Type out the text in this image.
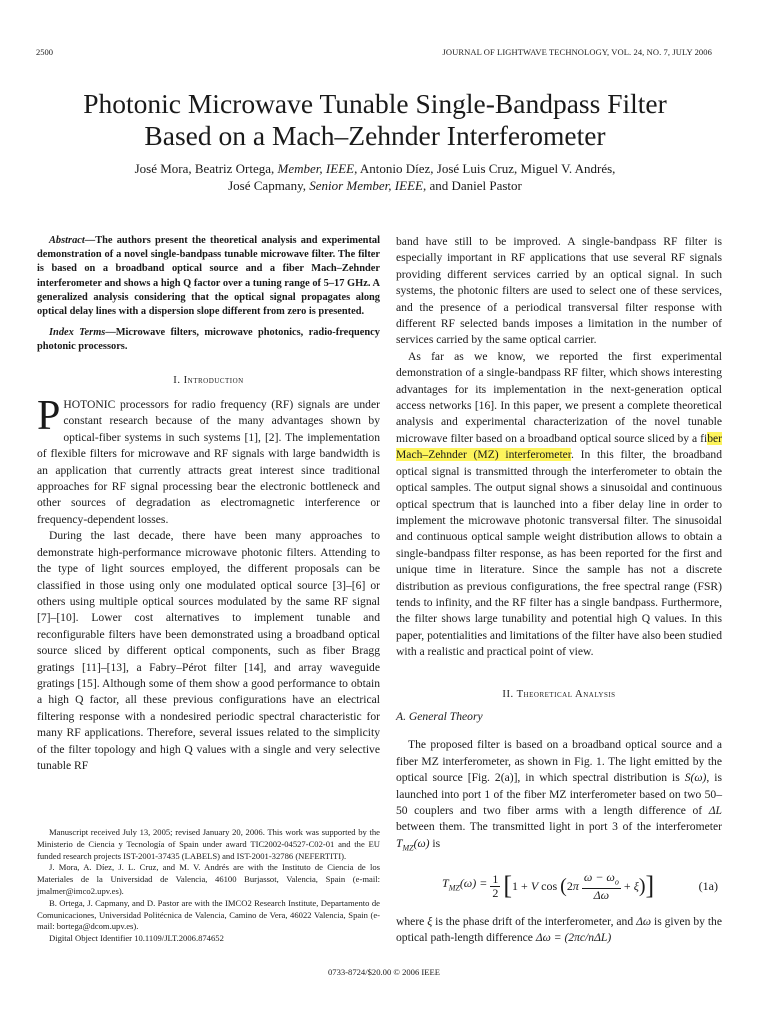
2500	JOURNAL OF LIGHTWAVE TECHNOLOGY, VOL. 24, NO. 7, JULY 2006
Photonic Microwave Tunable Single-Bandpass Filter
Based on a Mach–Zehnder Interferometer
José Mora, Beatriz Ortega, Member, IEEE, Antonio Díez, José Luis Cruz, Miguel V. Andrés,
José Capmany, Senior Member, IEEE, and Daniel Pastor

Abstract—The authors present the theoretical analysis and experimental demonstration of a novel single-bandpass tunable microwave filter. The filter is based on a broadband optical source and a fiber Mach–Zehnder interferometer and shows a high Q factor over a tuning range of 5–17 GHz. A generalized analysis considering that the optical signal propagates along optical delay lines with a dispersion slope different from zero is presented.

Index Terms—Microwave filters, microwave photonics, radio-frequency photonic processors.

I. Introduction

PHOTONIC processors for radio frequency (RF) signals are under constant research because of the many advantages shown by optical-fiber systems in such systems [1], [2]. The implementation of flexible filters for microwave and RF signals with large bandwidth is an application that currently attracts great interest since traditional approaches for RF signal processing bear the electronic bottleneck and other sources of degradation as electromagnetic interference or frequency-dependent losses.

During the last decade, there have been many approaches to demonstrate high-performance microwave photonic filters. Attending to the type of light sources employed, the different proposals can be classified in those using only one modulated optical source [3]–[6] or others using multiple optical sources modulated by the same RF signal [7]–[10]. Lower cost alternatives to implement tunable and reconfigurable filters have been demonstrated using a broadband optical source sliced by different optical components, such as fiber Bragg gratings [11]–[13], a Fabry–Pérot filter [14], and array waveguide gratings [15]. Although some of them show a good performance to obtain a high Q factor, all these previous configurations have an electrical filtering response with a nondesired periodic spectral characteristic for many RF applications. Therefore, several issues related to the simplicity of the filter topology and high Q values with a single and very selective tunable RF

Manuscript received July 13, 2005; revised January 20, 2006. This work was supported by the Ministerio de Ciencia y Tecnología of Spain under award TIC2002-04527-C02-01 and the EU funded research projects IST-2001-37435 (LABELS) and IST-2001-32786 (NEFERTITI).

J. Mora, A. Díez, J. L. Cruz, and M. V. Andrés are with the Instituto de Ciencia de los Materiales de la Universidad de Valencia, 46100 Burjassot, Valencia, Spain (e-mail: jmalmer@imco2.upv.es).

B. Ortega, J. Capmany, and D. Pastor are with the IMCO2 Research Institute, Departamento de Comunicaciones, Universidad Politécnica de Valencia, Camino de Vera, 46022 Valencia, Spain (e-mail: bortega@dcom.upv.es).

Digital Object Identifier 10.1109/JLT.2006.874652

band have still to be improved. A single-bandpass RF filter is especially important in RF applications that use several RF signals providing different services carried by an optical signal. In such systems, the photonic filters are used to select one of these services, and the presence of a periodical transversal filter response with different RF selected bands imposes a limitation in the number of services carried by the same optical carrier.

As far as we know, we reported the first experimental demonstration of a single-bandpass RF filter, which shows interesting advantages for its implementation in the next-generation optical access networks [16]. In this paper, we present a complete theoretical analysis and experimental characterization of the novel tunable microwave filter based on a broadband optical source sliced by a fiber Mach–Zehnder (MZ) interferometer. In this filter, the broadband optical signal is transmitted through the interferometer to obtain the optical samples. The output signal shows a sinusoidal and continuous optical spectrum that is launched into a fiber delay line in order to implement the microwave photonic transversal filter. The sinusoidal and continuous optical sample weight distribution allows to obtain a single-bandpass filter response, as has been reported for the first and unique time in literature. Since the sample has not a discrete distribution as previous configurations, the free spectral range (FSR) tends to infinity, and the RF filter has a single bandpass. Furthermore, the filter shows large tunability and potential high Q values. In this paper, potentialities and limitations of the filter have also been studied with a realistic and practical point of view.

II. Theoretical Analysis

A. General Theory

The proposed filter is based on a broadband optical source and a fiber MZ interferometer, as shown in Fig. 1. The light emitted by the optical source [Fig. 2(a)], in which spectral distribution is S(ω), is launched into port 1 of the fiber MZ interferometer based on two 50–50 couplers and two fiber arms with a length difference of ΔL between them. The transmitted light in port 3 of the interferometer $T_{MZ}(\omega)$ is

$T_{MZ}(\omega) = \frac{1}{2}$ [ 1 + V cos ( 2 π $\frac{\omega - \omega_o}{\Delta\omega} + \xi$ ) ]	(1a)

where ξ is the phase drift of the interferometer, and Δω is given by the optical path-length difference Δω = (2πc/nΔL)

0733-8724/$20.00 © 2006 IEEE
